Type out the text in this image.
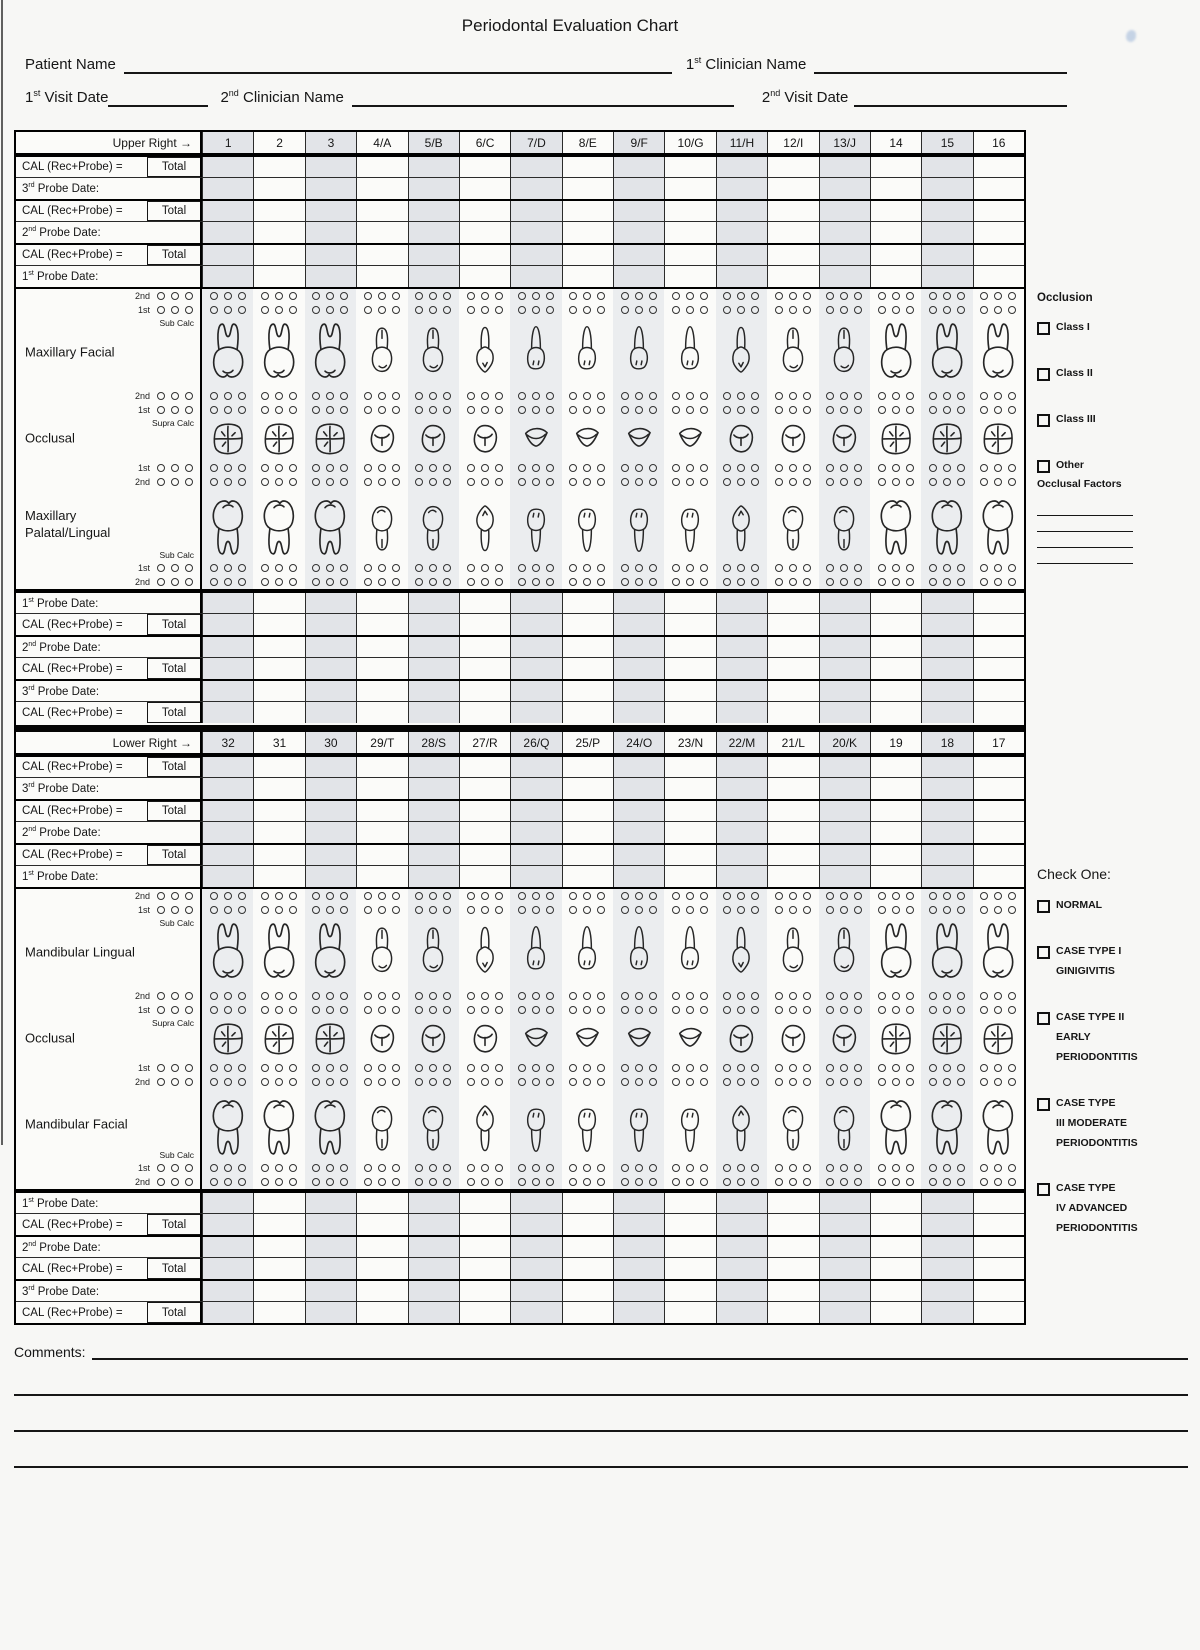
Periodontal Evaluation Chart
Patient Name	1st Clinician Name
1st Visit Date	2nd Clinician Name	2nd Visit Date
Upper Right →	1	2	3	4/A	5/B	6/C	7/D	8/E	9/F	10/G	11/H	12/I	13/J	14	15	16
CAL (Rec+Probe) =	Total
3rd Probe Date:
CAL (Rec+Probe) =	Total
2nd Probe Date:
CAL (Rec+Probe) =	Total
1st Probe Date:
2nd
1st
Maxillary Facial
Sub Calc
2nd
1st
Occlusal
Supra Calc
1st
2nd
Maxillary Palatal/Lingual
Sub Calc
1st
2nd
1st Probe Date:
CAL (Rec+Probe) =	Total
2nd Probe Date:
CAL (Rec+Probe) =	Total
3rd Probe Date:
CAL (Rec+Probe) =	Total
Lower Right →	32	31	30	29/T	28/S	27/R	26/Q	25/P	24/O	23/N	22/M	21/L	20/K	19	18	17
CAL (Rec+Probe) =	Total
3rd Probe Date:
CAL (Rec+Probe) =	Total
2nd Probe Date:
CAL (Rec+Probe) =	Total
1st Probe Date:
2nd
1st
Mandibular Lingual
Sub Calc
2nd
1st
Occlusal
Supra Calc
1st
2nd
Mandibular Facial
Sub Calc
1st
2nd
1st Probe Date:
CAL (Rec+Probe) =	Total
2nd Probe Date:
CAL (Rec+Probe) =	Total
3rd Probe Date:
CAL (Rec+Probe) =	Total
Occlusion
Class I
Class II
Class III
Other
Occlusal Factors
Check One:
NORMAL
CASE TYPE I
GINIGIVITIS
CASE TYPE II
EARLY
PERIODONTITIS
CASE TYPE
III MODERATE
PERIODONTITIS
CASE TYPE
IV ADVANCED
PERIODONTITIS
Comments:
